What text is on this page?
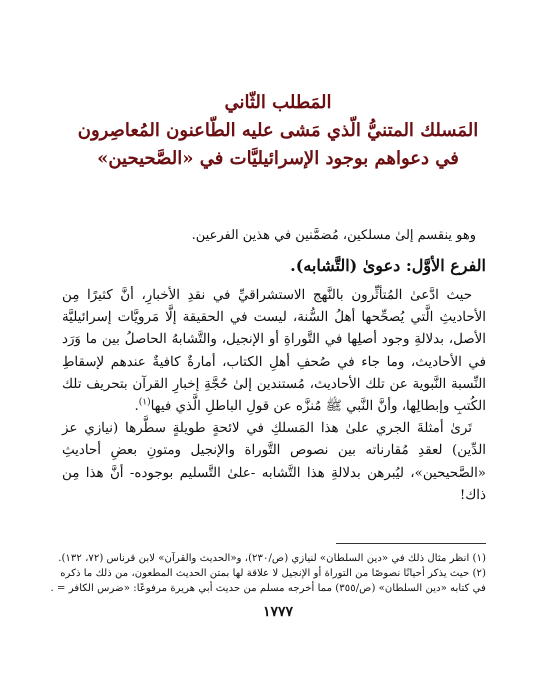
المَطلب الثّاني
المَسلك المتنيُّ الّذي مَشى عليه الطّاعنون المُعاصِرون
في دعواهم بوجود الإسرائيليَّات في «الصَّحيحين»
وهو ينقسم إلىٰ مسلكين، مُضمَّنين في هذين الفرعين.
الفرع الأوَّل: دعوىٰ (التَّشابه).

حيث ادَّعىٰ المُتأثِّرون بالنَّهج الاستشراقيِّ في نقدِ الأخبارِ، أنَّ كثيرًا مِن الأحاديثِ الَّتي يُصحِّحها أهلُ السُّنة، ليست في الحقيقة إلَّا مَرويَّات إسرائيليَّة الأصل، بدلالةِ وجود أصلِها في التَّوراةِ أو الإنجيل، والتَّشابهُ الحاصلُ بين ما وَرَد في الأحاديث، وما جاء في صُحفِ أهلِ الكتاب، أمارةٌ كافيةٌ عندهم لإسقاطِ النِّسبة النَّبوية عن تلك الأحاديث، مُستندين إلىٰ حُجَّةِ إخبارِ القرآن بتحريف تلك الكُتبِ وإبطالِها، وأنَّ النَّبي ﷺ مُنزَّه عن قولِ الباطلِ الَّذي فيها$^{(١)}$.

تَرىٰ أمثلةَ الجري علىٰ هذا المَسلكِ في لائحةٍ طويلةٍ سطَّرها (نيازي عز الدِّين) لعقدِ مُقارناته بين نصوص التَّوراة والإنجيل ومتونِ بعضِ أحاديثِ «الصَّحيحين»، ليُبرهن بدلالةِ هذا التَّشابه -علىٰ التَّسليم بوجوده- أنَّ هذا مِن ذاك!

(١) انظر مثال ذلك في «دين السلطان» لنيازي (ص/٢٣٠)، و«الحديث والقرآن» لابن قرناس (٧٢، ١٣٢).
(٢) حيث يذكر أحيانًا نصوصًا من التوراة أو الإنجيل لا علاقة لها بمتن الحديث المطعون، من ذلك ما ذكره
في كتابه «دين السلطان» (ص/٣٥٥) مما أخرجه مسلم من حديث أبي هريرة مرفوعًا: «ضرس الكافر = .
١٧٧٧
